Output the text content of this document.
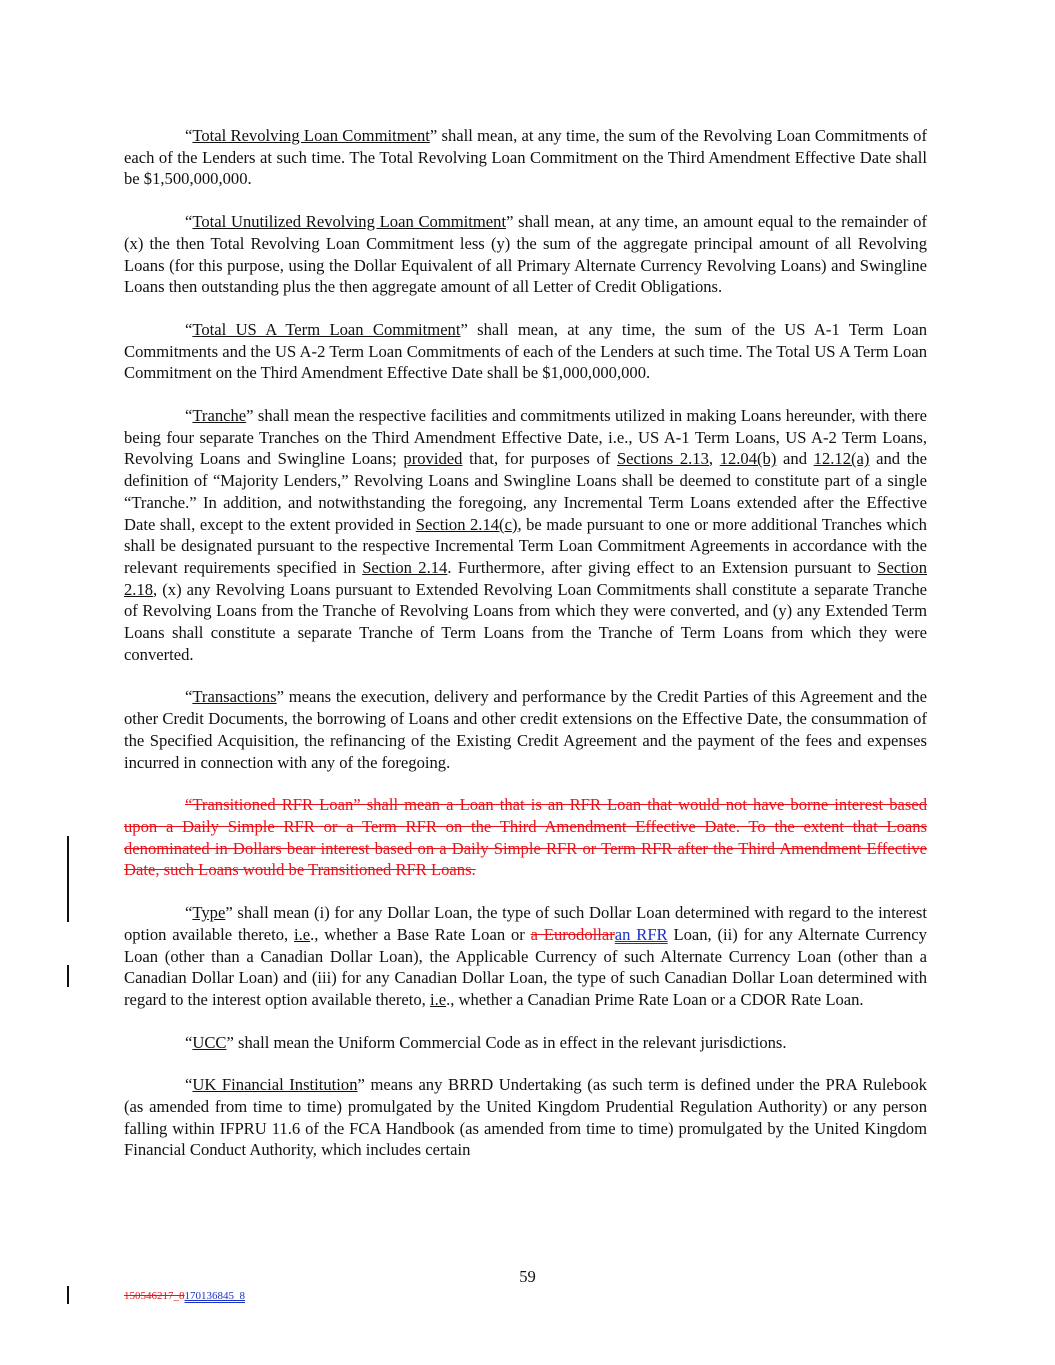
“Total Revolving Loan Commitment” shall mean, at any time, the sum of the Revolving Loan Commitments of each of the Lenders at such time. The Total Revolving Loan Commitment on the Third Amendment Effective Date shall be $1,500,000,000.

“Total Unutilized Revolving Loan Commitment” shall mean, at any time, an amount equal to the remainder of (x) the then Total Revolving Loan Commitment less (y) the sum of the aggregate principal amount of all Revolving Loans (for this purpose, using the Dollar Equivalent of all Primary Alternate Currency Revolving Loans) and Swingline Loans then outstanding plus the then aggregate amount of all Letter of Credit Obligations.

“Total US A Term Loan Commitment” shall mean, at any time, the sum of the US A-1 Term Loan Commitments and the US A-2 Term Loan Commitments of each of the Lenders at such time. The Total US A Term Loan Commitment on the Third Amendment Effective Date shall be $1,000,000,000.

“Tranche” shall mean the respective facilities and commitments utilized in making Loans hereunder, with there being four separate Tranches on the Third Amendment Effective Date, i.e., US A-1 Term Loans, US A-2 Term Loans, Revolving Loans and Swingline Loans; provided that, for purposes of Sections 2.13, 12.04(b) and 12.12(a) and the definition of “Majority Lenders,” Revolving Loans and Swingline Loans shall be deemed to constitute part of a single “Tranche.” In addition, and notwithstanding the foregoing, any Incremental Term Loans extended after the Effective Date shall, except to the extent provided in Section 2.14(c), be made pursuant to one or more additional Tranches which shall be designated pursuant to the respective Incremental Term Loan Commitment Agreements in accordance with the relevant requirements specified in Section 2.14. Furthermore, after giving effect to an Extension pursuant to Section 2.18, (x) any Revolving Loans pursuant to Extended Revolving Loan Commitments shall constitute a separate Tranche of Revolving Loans from the Tranche of Revolving Loans from which they were converted, and (y) any Extended Term Loans shall constitute a separate Tranche of Term Loans from the Tranche of Term Loans from which they were converted.

“Transactions” means the execution, delivery and performance by the Credit Parties of this Agreement and the other Credit Documents, the borrowing of Loans and other credit extensions on the Effective Date, the consummation of the Specified Acquisition, the refinancing of the Existing Credit Agreement and the payment of the fees and expenses incurred in connection with any of the foregoing.

“Transitioned RFR Loan” shall mean a Loan that is an RFR Loan that would not have borne interest based upon a Daily Simple RFR or a Term RFR on the Third Amendment Effective Date. To the extent that Loans denominated in Dollars bear interest based on a Daily Simple RFR or Term RFR after the Third Amendment Effective Date, such Loans would be Transitioned RFR Loans.

“Type” shall mean (i) for any Dollar Loan, the type of such Dollar Loan determined with regard to the interest option available thereto, i.e., whether a Base Rate Loan or a Eurodollaran RFR Loan, (ii) for any Alternate Currency Loan (other than a Canadian Dollar Loan), the Applicable Currency of such Alternate Currency Loan (other than a Canadian Dollar Loan) and (iii) for any Canadian Dollar Loan, the type of such Canadian Dollar Loan determined with regard to the interest option available thereto, i.e., whether a Canadian Prime Rate Loan or a CDOR Rate Loan.

“UCC” shall mean the Uniform Commercial Code as in effect in the relevant jurisdictions.

“UK Financial Institution” means any BRRD Undertaking (as such term is defined under the PRA Rulebook (as amended from time to time) promulgated by the United Kingdom Prudential Regulation Authority) or any person falling within IFPRU 11.6 of the FCA Handbook (as amended from time to time) promulgated by the United Kingdom Financial Conduct Authority, which includes certain

59
150546217_8170136845_8
